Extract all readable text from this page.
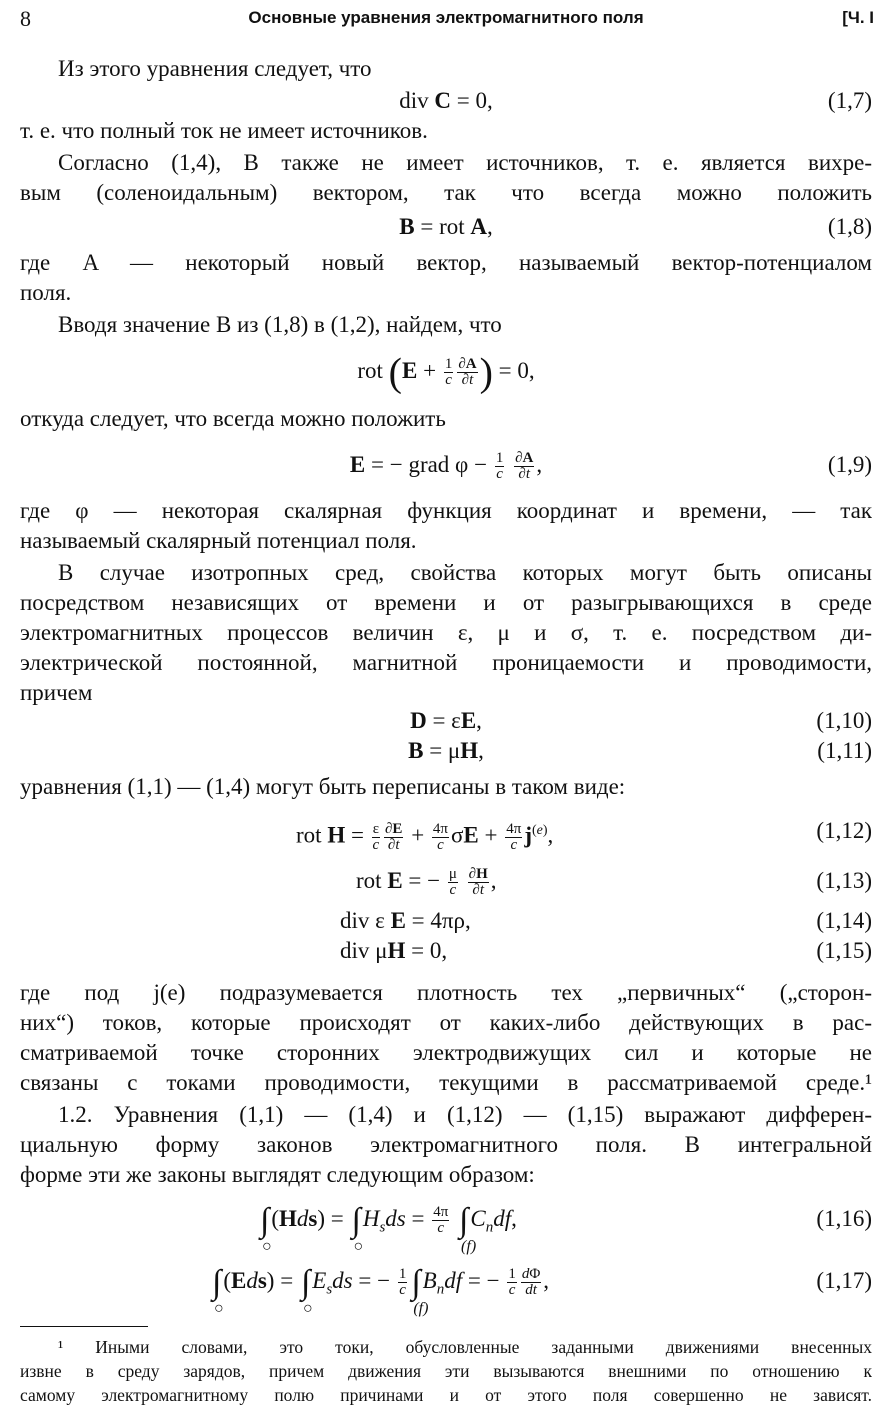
8	Основные уравнения электромагнитного поля	[Ч. I
Из этого уравнения следует, что
div C = 0,	(1,7)
т. е. что полный ток не имеет источников.
Согласно (1,4), B также не имеет источников, т. е. является вихре-
вым (соленоидальным) вектором, так что всегда можно положить
B = rot A,	(1,8)
где A — некоторый новый вектор, называемый вектор-потенциалом
поля.
Вводя значение B из (1,8) в (1,2), найдем, что
rot ($E + \frac{1}{c} \frac{\partial A}{\partial t}$ ) = 0,
откуда следует, что всегда можно положить
E = − grad $\varphi - \frac{1}{c}$
$\frac{\partial A}{\partial t}$ ,	(1,9)
где φ — некоторая скалярная функция координат и времени, — так
называемый скалярный потенциал поля.
В случае изотропных сред, свойства которых могут быть описаны
посредством независящих от времени и от разыгрывающихся в среде
электромагнитных процессов величин ε, μ и σ, т. е. посредством ди-
электрической постоянной, магнитной проницаемости и проводимости,
причем
D = εE,	(1,10)
B = μH,	(1,11)
уравнения (1,1) — (1,4) могут быть переписаны в таком виде:
rot $H = \frac{\varepsilon}{c} \frac{\partial E}{\partial t} + \frac{4\pi}{c}$ $\sigma E + \frac{4\pi}{c} j^{(e)}$,	(1,12)
rot E = − $\frac{\mu}{c}$
$\frac{\partial H}{\partial t}$ ,	(1,13)
div ε E = 4πρ,	(1,14)
div μH = 0,	(1,15)
где под j(e) подразумевается плотность тех „первичных“ („сторон-
них“) токов, которые происходят от каких-либо действующих в рас-
сматриваемой точке сторонних электродвижущих сил и которые не
связаны с токами проводимости, текущими в рассматриваемой среде.¹
1.2. Уравнения (1,1) — (1,4) и (1,12) — (1,15) выражают дифферен-
циальную форму законов электромагнитного поля. В интегральной
форме эти же законы выглядят следующим образом:
∫
○
(Hds) = ∫
○
$H_sds = \frac{4\pi}{c}$ ∫
(f)
$C_ndf$,	(1,16)
∫
○
(Eds) = ∫
○
$E_sds$ = − $\frac{1}{c}$ ∫
(f)
$B_ndf$ = − $\frac{1}{c} \frac{d\Phi}{dt}$ ,	(1,17)
¹ Иными словами, это токи, обусловленные заданными движениями внесенных
извне в среду зарядов, причем движения эти вызываются внешними по отношению к
самому электромагнитному полю причинами и от этого поля совершенно не зависят.
